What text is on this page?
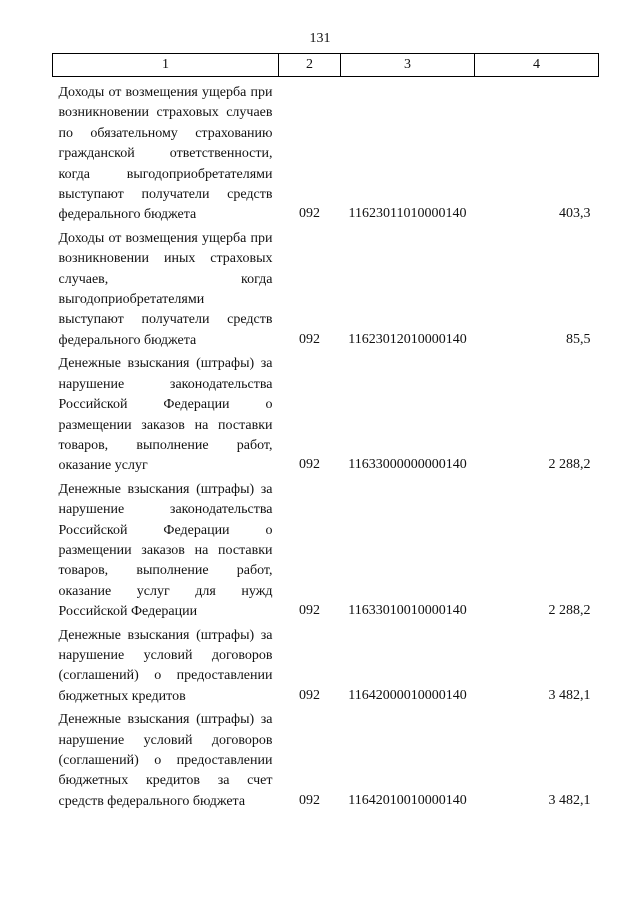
131
1	2	3	4
Доходы от возмещения ущерба при возникновении страховых случаев по обязательному страхованию гражданской ответственности, когда выгодоприобретателями выступают получатели средств федерального бюджета	092	11623011010000140	403,3
Доходы от возмещения ущерба при возникновении иных страховых случаев, когда выгодоприобретателями выступают получатели средств федерального бюджета	092	11623012010000140	85,5
Денежные взыскания (штрафы) за нарушение законодательства Российской Федерации о размещении заказов на поставки товаров, выполнение работ, оказание услуг	092	11633000000000140	2 288,2
Денежные взыскания (штрафы) за нарушение законодательства Российской Федерации о размещении заказов на поставки товаров, выполнение работ, оказание услуг для нужд Российской Федерации	092	11633010010000140	2 288,2
Денежные взыскания (штрафы) за нарушение условий договоров (соглашений) о предоставлении бюджетных кредитов	092	11642000010000140	3 482,1
Денежные взыскания (штрафы) за нарушение условий договоров (соглашений) о предоставлении бюджетных кредитов за счет средств федерального бюджета	092	11642010010000140	3 482,1
